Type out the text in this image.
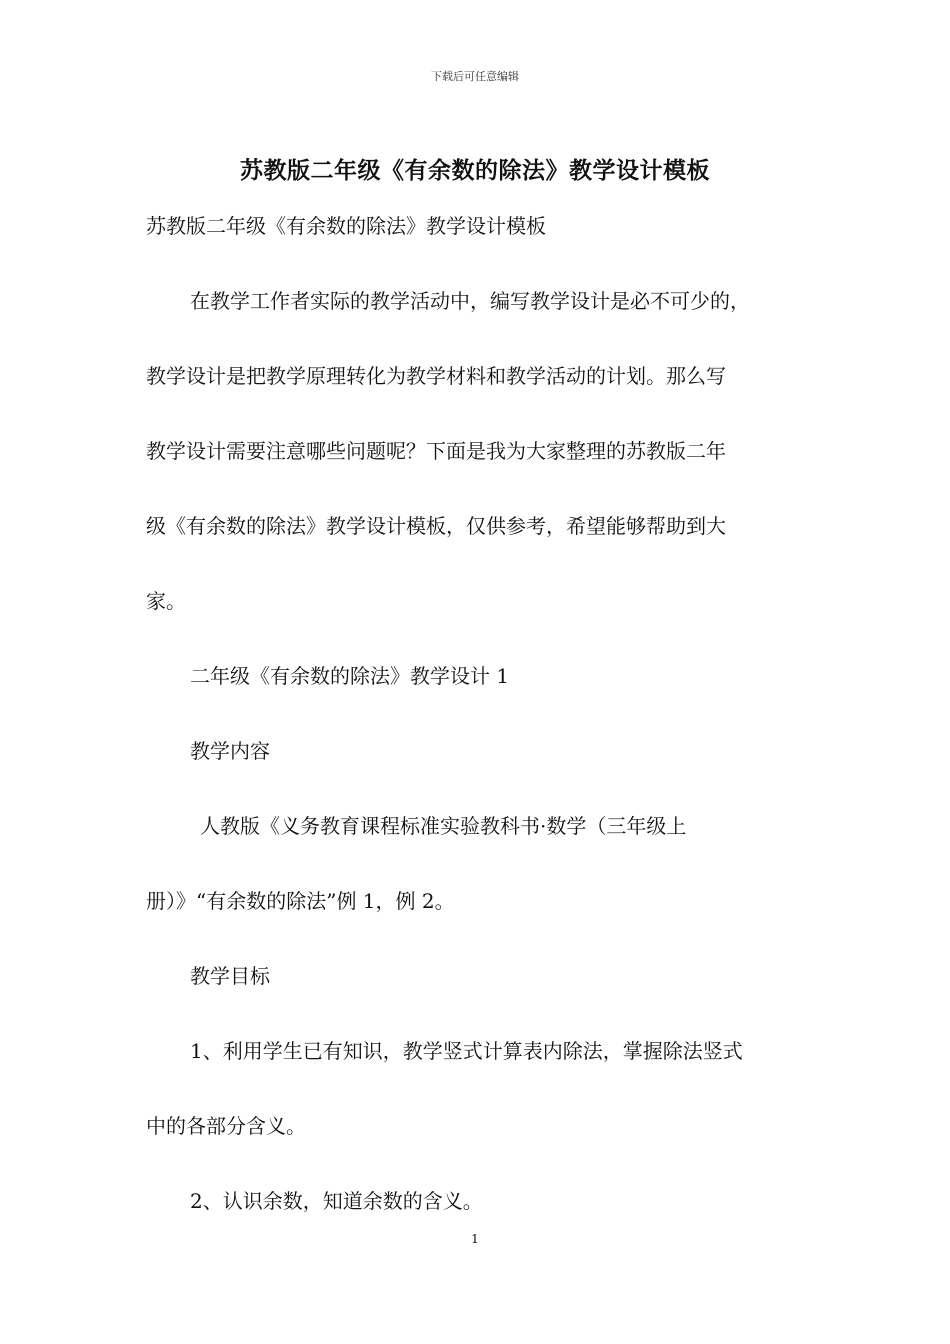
下载后可任意编辑
苏教版二年级《有余数的除法》教学设计模板
苏教版二年级《有余数的除法》教学设计模板
在教学工作者实际的教学活动中，编写教学设计是必不可少的，
教学设计是把教学原理转化为教学材料和教学活动的计划。那么写
教学设计需要注意哪些问题呢？下面是我为大家整理的苏教版二年
级《有余数的除法》教学设计模板，仅供参考，希望能够帮助到大
家。
二年级《有余数的除法》教学设计 1
教学内容
人教版《义务教育课程标准实验教科书·数学（三年级上
册）》“有余数的除法”例 1，例 2。
教学目标
1、利用学生已有知识，教学竖式计算表内除法，掌握除法竖式
中的各部分含义。
2、认识余数，知道余数的含义。
1
